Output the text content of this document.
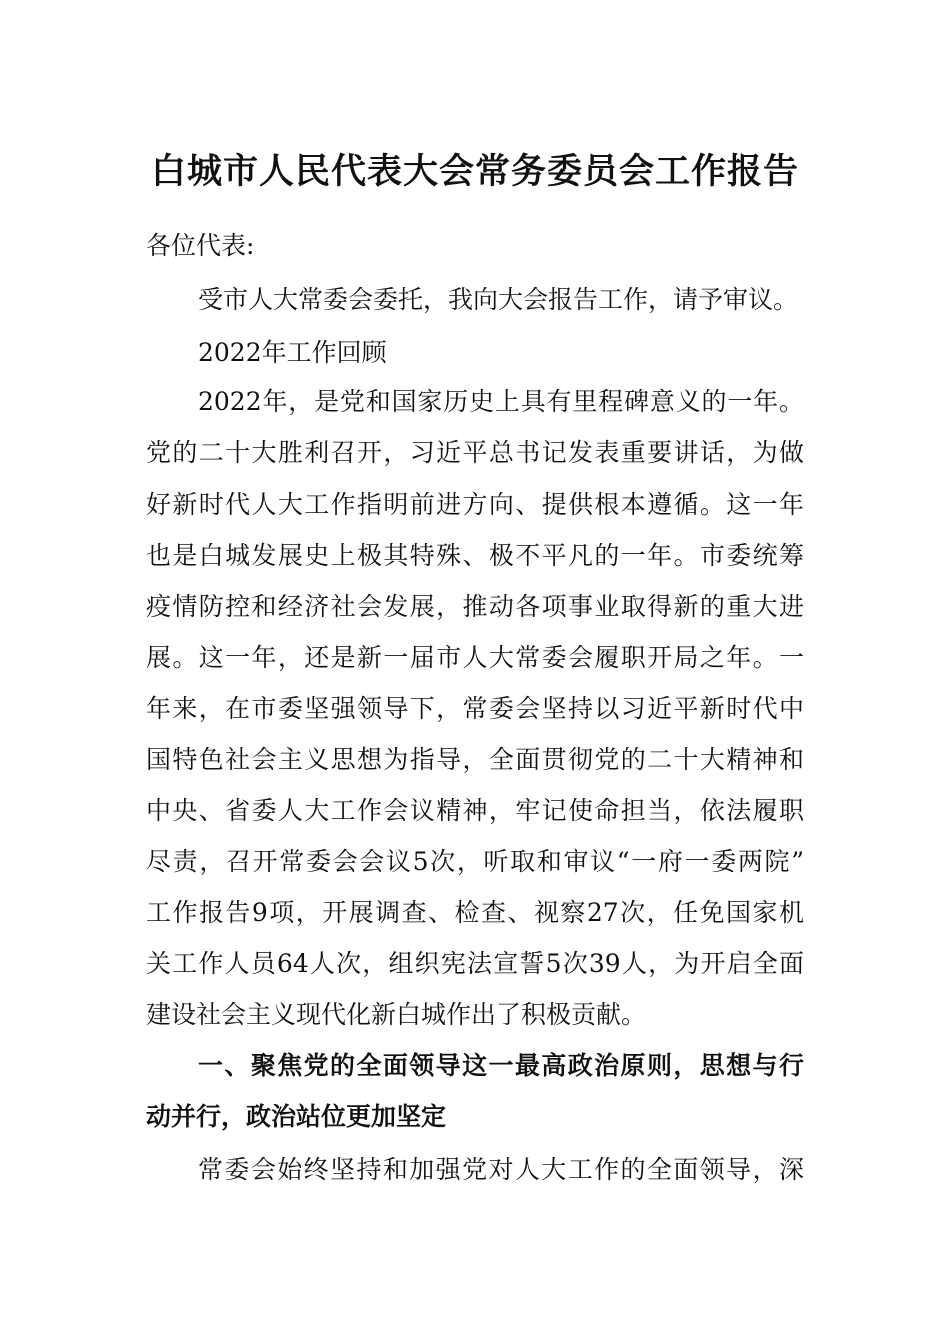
白城市人民代表大会常务委员会工作报告
各位代表:
受市人大常委会委托，我向大会报告工作，请予审议。
2022年工作回顾
2022年，是党和国家历史上具有里程碑意义的一年。
党的二十大胜利召开，习近平总书记发表重要讲话，为做
好新时代人大工作指明前进方向、提供根本遵循。这一年
也是白城发展史上极其特殊、极不平凡的一年。市委统筹
疫情防控和经济社会发展，推动各项事业取得新的重大进
展。这一年，还是新一届市人大常委会履职开局之年。一
年来，在市委坚强领导下，常委会坚持以习近平新时代中
国特色社会主义思想为指导，全面贯彻党的二十大精神和
中央、省委人大工作会议精神，牢记使命担当，依法履职
尽责，召开常委会会议5次，听取和审议“一府一委两院”
工作报告9项，开展调查、检查、视察27次，任免国家机
关工作人员64人次，组织宪法宣誓5次39人，为开启全面
建设社会主义现代化新白城作出了积极贡献。
一、聚焦党的全面领导这一最高政治原则，思想与行
动并行，政治站位更加坚定
常委会始终坚持和加强党对人大工作的全面领导，深
